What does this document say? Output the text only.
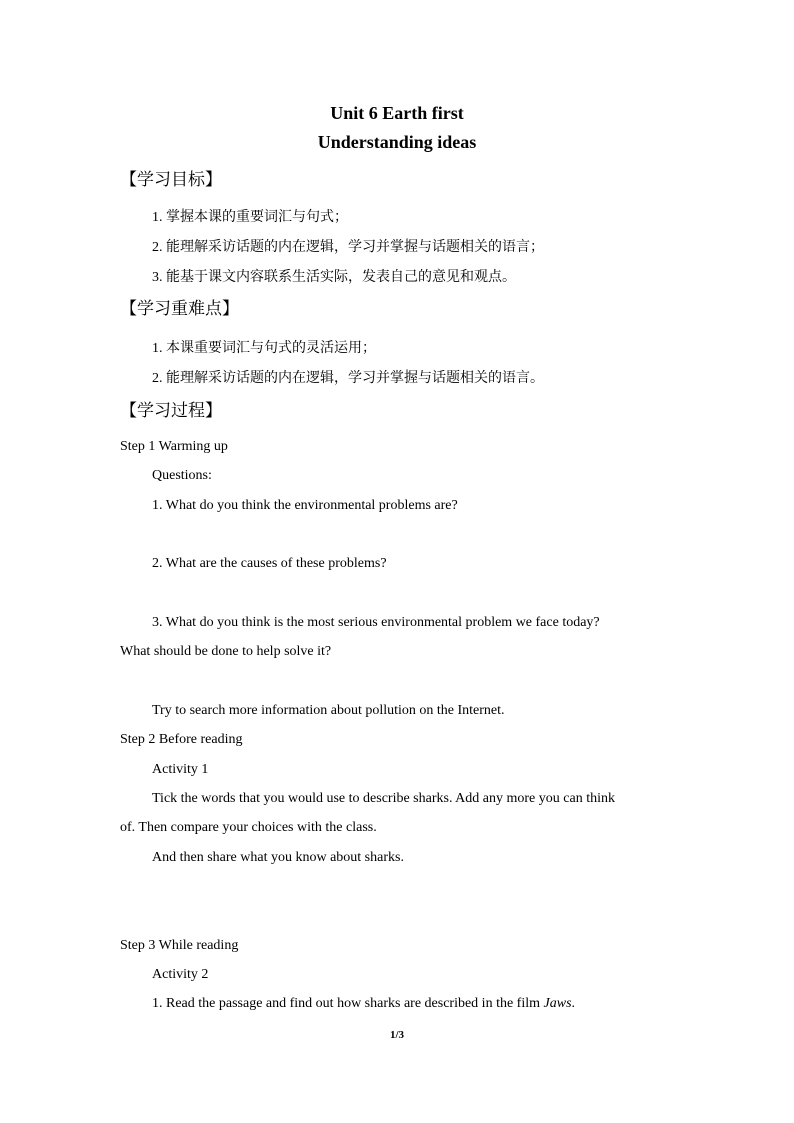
Unit 6 Earth first
Understanding ideas
【学习目标】
1. 掌握本课的重要词汇与句式；
2. 能理解采访话题的内在逻辑，学习并掌握与话题相关的语言；
3. 能基于课文内容联系生活实际，发表自己的意见和观点。
【学习重难点】
1. 本课重要词汇与句式的灵活运用；
2. 能理解采访话题的内在逻辑，学习并掌握与话题相关的语言。
【学习过程】
Step 1 Warming up
Questions:
1. What do you think the environmental problems are?
2. What are the causes of these problems?
3. What do you think is the most serious environmental problem we face today?
What should be done to help solve it?
Try to search more information about pollution on the Internet.
Step 2 Before reading
Activity 1
Tick the words that you would use to describe sharks. Add any more you can think
of. Then compare your choices with the class.
And then share what you know about sharks.
Step 3 While reading
Activity 2
1. Read the passage and find out how sharks are described in the film Jaws.
1/3
